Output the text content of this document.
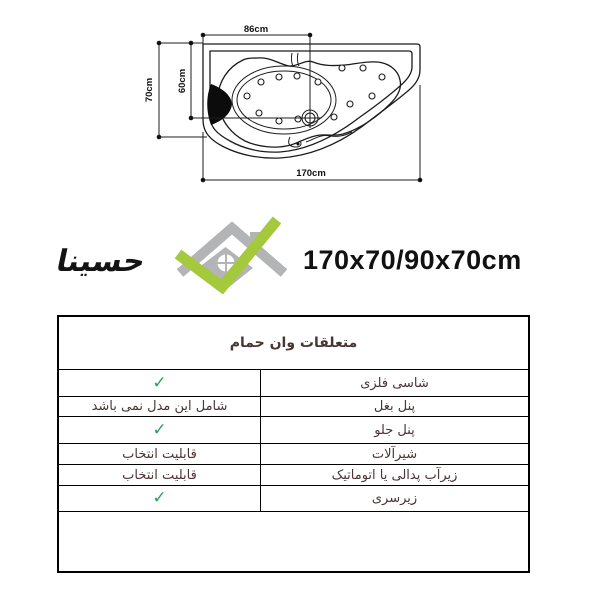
86cm
70cm 60cm
170cm
حسینا	170x70/90x70cm
متعلقات وان حمام
✓	شاسی فلزی
شامل این مدل نمی باشد	پنل بغل
✓	پنل جلو
قابلیت انتخاب	شیرآلات
قابلیت انتخاب	زیرآب پدالی یا اتوماتیک
✓	زیرسری
